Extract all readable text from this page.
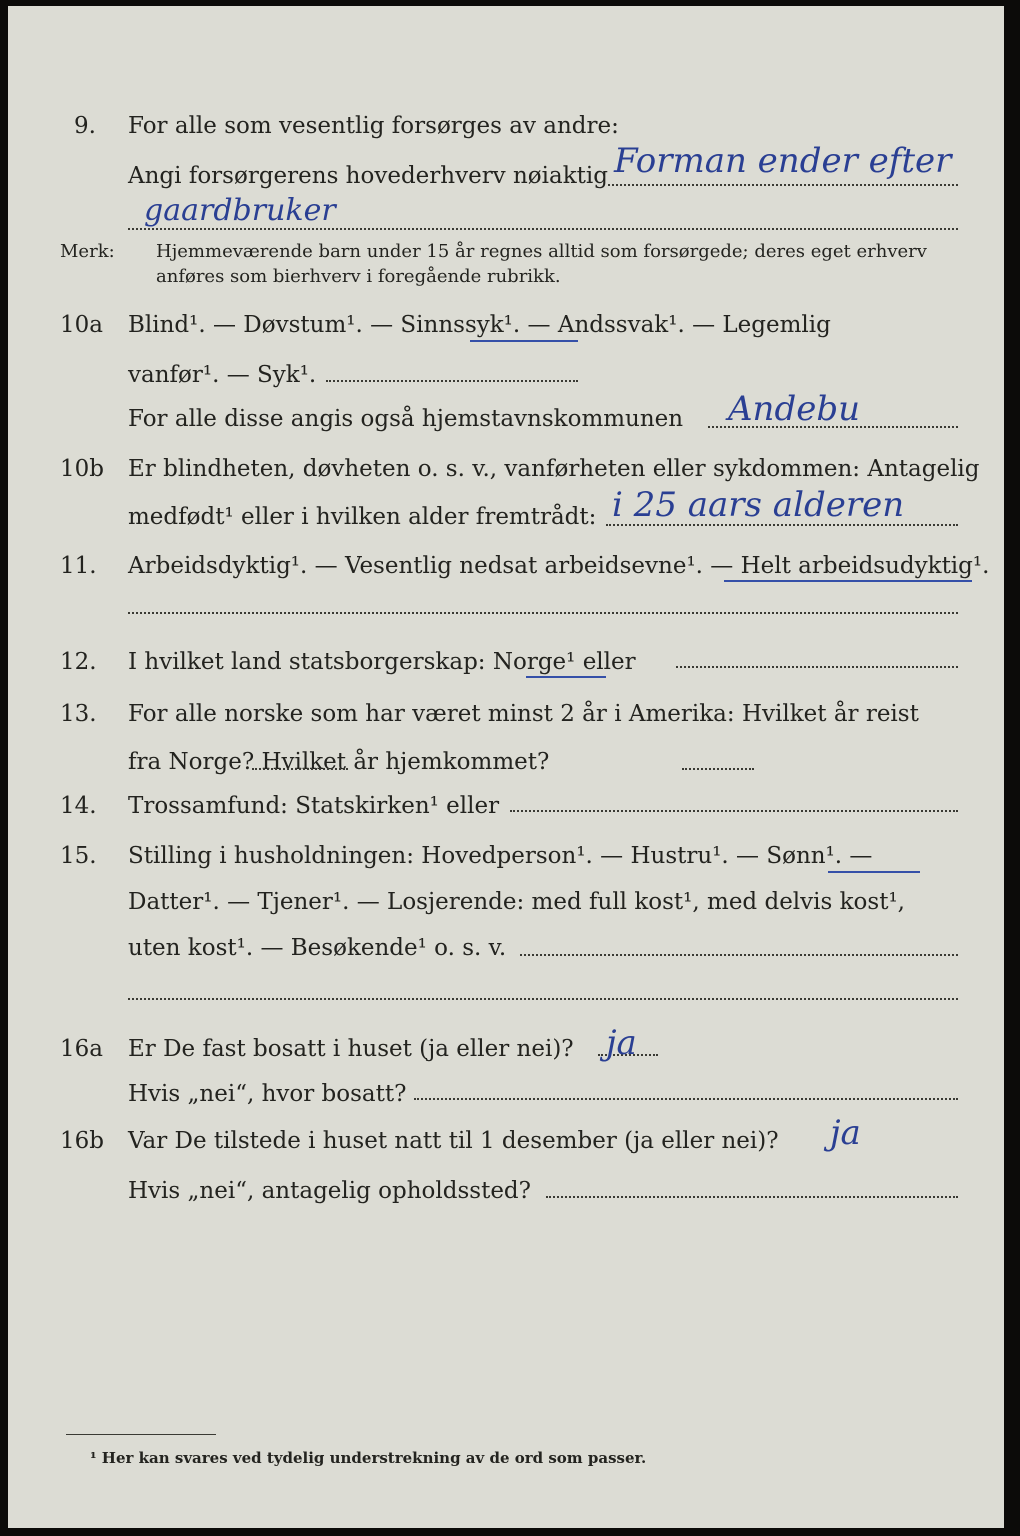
9. For alle som vesentlig forsørges av andre:
Angi forsørgerens hovederhverv nøiaktig Forman ender efter
gaardbruker
Merk: Hjemmeværende barn under 15 år regnes alltid som forsørgede; deres eget erhverv
anføres som bierhverv i foregående rubrikk.
10a Blind¹. — Døvstum¹. — Sinnssyk¹. — Andssvak¹. — Legemlig
vanfør¹. — Syk¹.
For alle disse angis også hjemstavnskommunen Andebu
10b Er blindheten, døvheten o. s. v., vanførheten eller sykdommen: Antagelig
medfødt¹ eller i hvilken alder fremtrådt: i 25 aars alderen
11. Arbeidsdyktig¹. — Vesentlig nedsat arbeidsevne¹. — Helt arbeidsudyktig¹.
12. I hvilket land statsborgerskap: Norge¹ eller
13. For alle norske som har været minst 2 år i Amerika: Hvilket år reist
fra Norge? Hvilket år hjemkommet?
14. Trossamfund: Statskirken¹ eller
15. Stilling i husholdningen: Hovedperson¹. — Hustru¹. — Sønn¹. —
Datter¹. — Tjener¹. — Losjerende: med full kost¹, med delvis kost¹,
uten kost¹. — Besøkende¹ o. s. v.
16a Er De fast bosatt i huset (ja eller nei)? ja
Hvis „nei“, hvor bosatt?
16b Var De tilstede i huset natt til 1 desember (ja eller nei)? ja
Hvis „nei“, antagelig opholdssted?
¹ Her kan svares ved tydelig understrekning av de ord som passer.
